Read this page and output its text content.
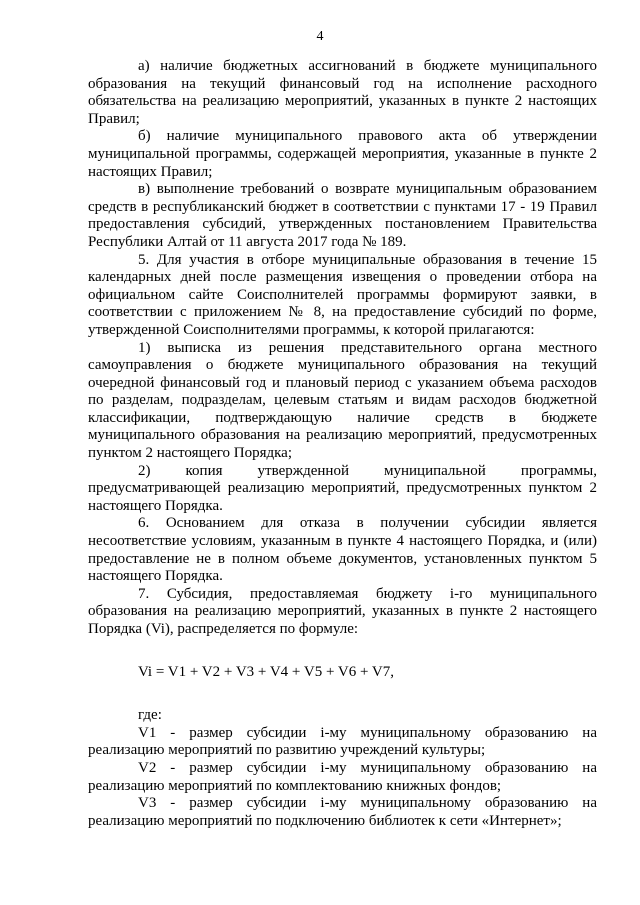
4

а) наличие бюджетных ассигнований в бюджете муниципального образования на текущий финансовый год на исполнение расходного обязательства на реализацию мероприятий, указанных в пункте 2 настоящих Правил;

б) наличие муниципального правового акта об утверждении муниципальной программы, содержащей мероприятия, указанные в пункте 2 настоящих Правил;

в) выполнение требований о возврате муниципальным образованием средств в республиканский бюджет в соответствии с пунктами 17 - 19 Правил предоставления субсидий, утвержденных постановлением Правительства Республики Алтай от 11 августа 2017 года № 189.

5. Для участия в отборе муниципальные образования в течение 15 календарных дней после размещения извещения о проведении отбора на официальном сайте Соисполнителей программы формируют заявки, в соответствии с приложением № 8, на предоставление субсидий по форме, утвержденной Соисполнителями программы, к которой прилагаются:

1) выписка из решения представительного органа местного самоуправления о бюджете муниципального образования на текущий очередной финансовый год и плановый период с указанием объема расходов по разделам, подразделам, целевым статьям и видам расходов бюджетной классификации, подтверждающую наличие средств в бюджете муниципального образования на реализацию мероприятий, предусмотренных пунктом 2 настоящего Порядка;

2) копия утвержденной муниципальной программы, предусматривающей реализацию мероприятий, предусмотренных пунктом 2 настоящего Порядка.

6. Основанием для отказа в получении субсидии является несоответствие условиям, указанным в пункте 4 настоящего Порядка, и (или) предоставление не в полном объеме документов, установленных пунктом 5 настоящего Порядка.

7. Субсидия, предоставляемая бюджету i-го муниципального образования на реализацию мероприятий, указанных в пункте 2 настоящего Порядка (Vi), распределяется по формуле:

Vi = V1 + V2 + V3 + V4 + V5 + V6 + V7,

где:

V1 - размер субсидии i-му муниципальному образованию на реализацию мероприятий по развитию учреждений культуры;

V2 - размер субсидии i-му муниципальному образованию на реализацию мероприятий по комплектованию книжных фондов;

V3 - размер субсидии i-му муниципальному образованию на реализацию мероприятий по подключению библиотек к сети «Интернет»;
